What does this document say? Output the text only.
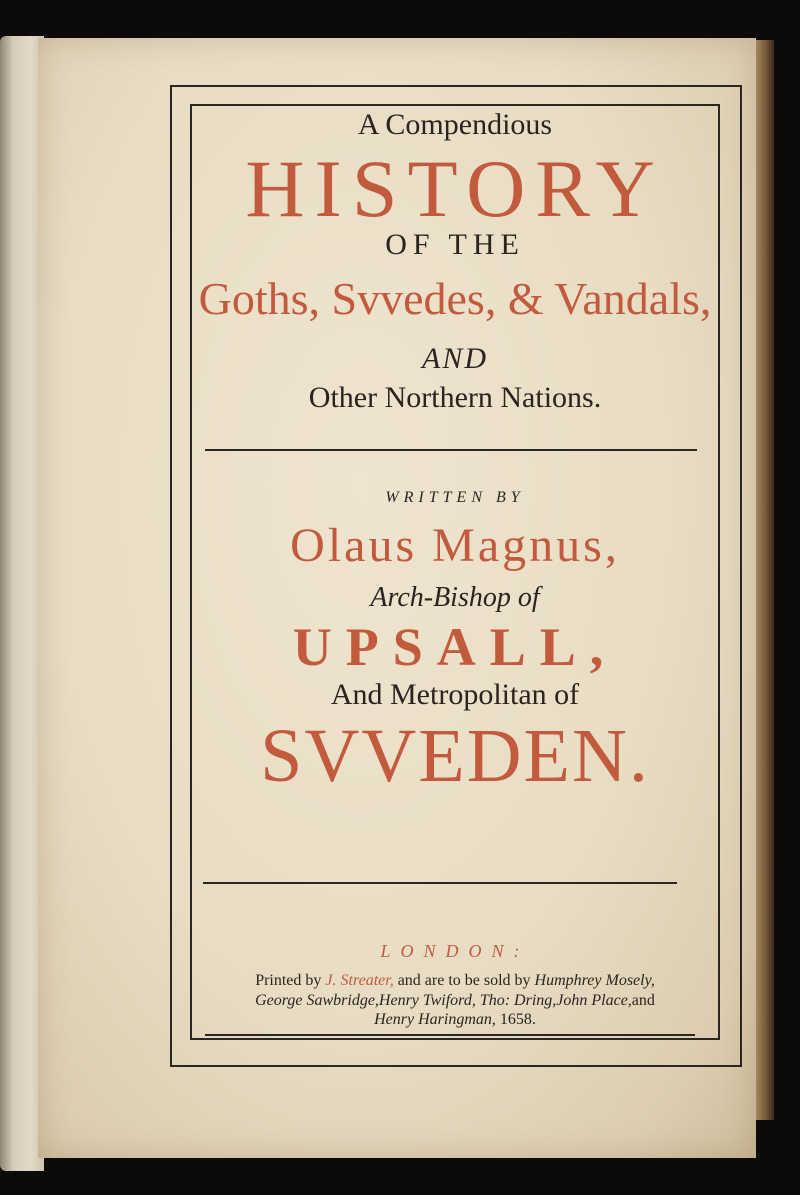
A Compendious

HISTORY

OF THE

Goths, Svvedes, & Vandals,

AND

Other Northern Nations.

WRITTEN BY

Olaus Magnus,

Arch-Bishop of

UPSALL,

And Metropolitan of

SVVEDEN.

LONDON:

Printed by J. Streater, and are to be sold by Humphrey Mosely,

George Sawbridge,Henry Twiford, Tho: Dring,John Place,and

Henry Haringman, 1658.
